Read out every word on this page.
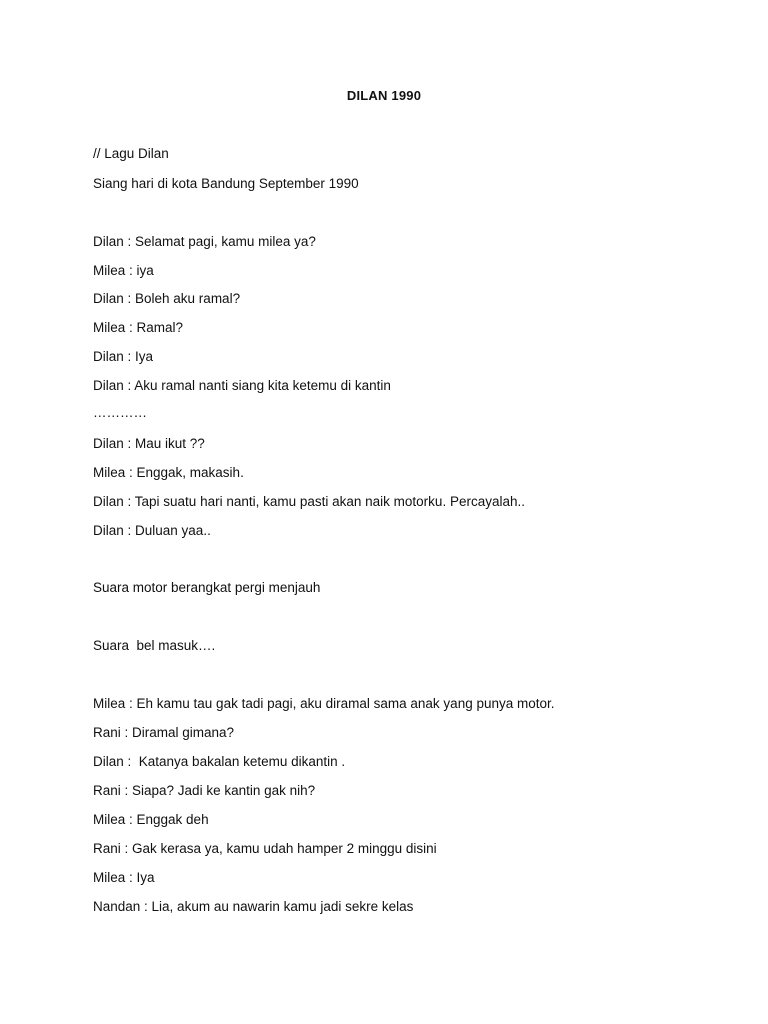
DILAN 1990
// Lagu Dilan
Siang hari di kota Bandung September 1990
Dilan : Selamat pagi, kamu milea ya?
Milea : iya
Dilan : Boleh aku ramal?
Milea : Ramal?
Dilan : Iya
Dilan : Aku ramal nanti siang kita ketemu di kantin
…………
Dilan : Mau ikut ??
Milea : Enggak, makasih.
Dilan : Tapi suatu hari nanti, kamu pasti akan naik motorku. Percayalah..
Dilan : Duluan yaa..
Suara motor berangkat pergi menjauh
Suara  bel masuk….
Milea : Eh kamu tau gak tadi pagi, aku diramal sama anak yang punya motor.
Rani : Diramal gimana?
Dilan :  Katanya bakalan ketemu dikantin .
Rani : Siapa? Jadi ke kantin gak nih?
Milea : Enggak deh
Rani : Gak kerasa ya, kamu udah hamper 2 minggu disini
Milea : Iya
Nandan : Lia, akum au nawarin kamu jadi sekre kelas
